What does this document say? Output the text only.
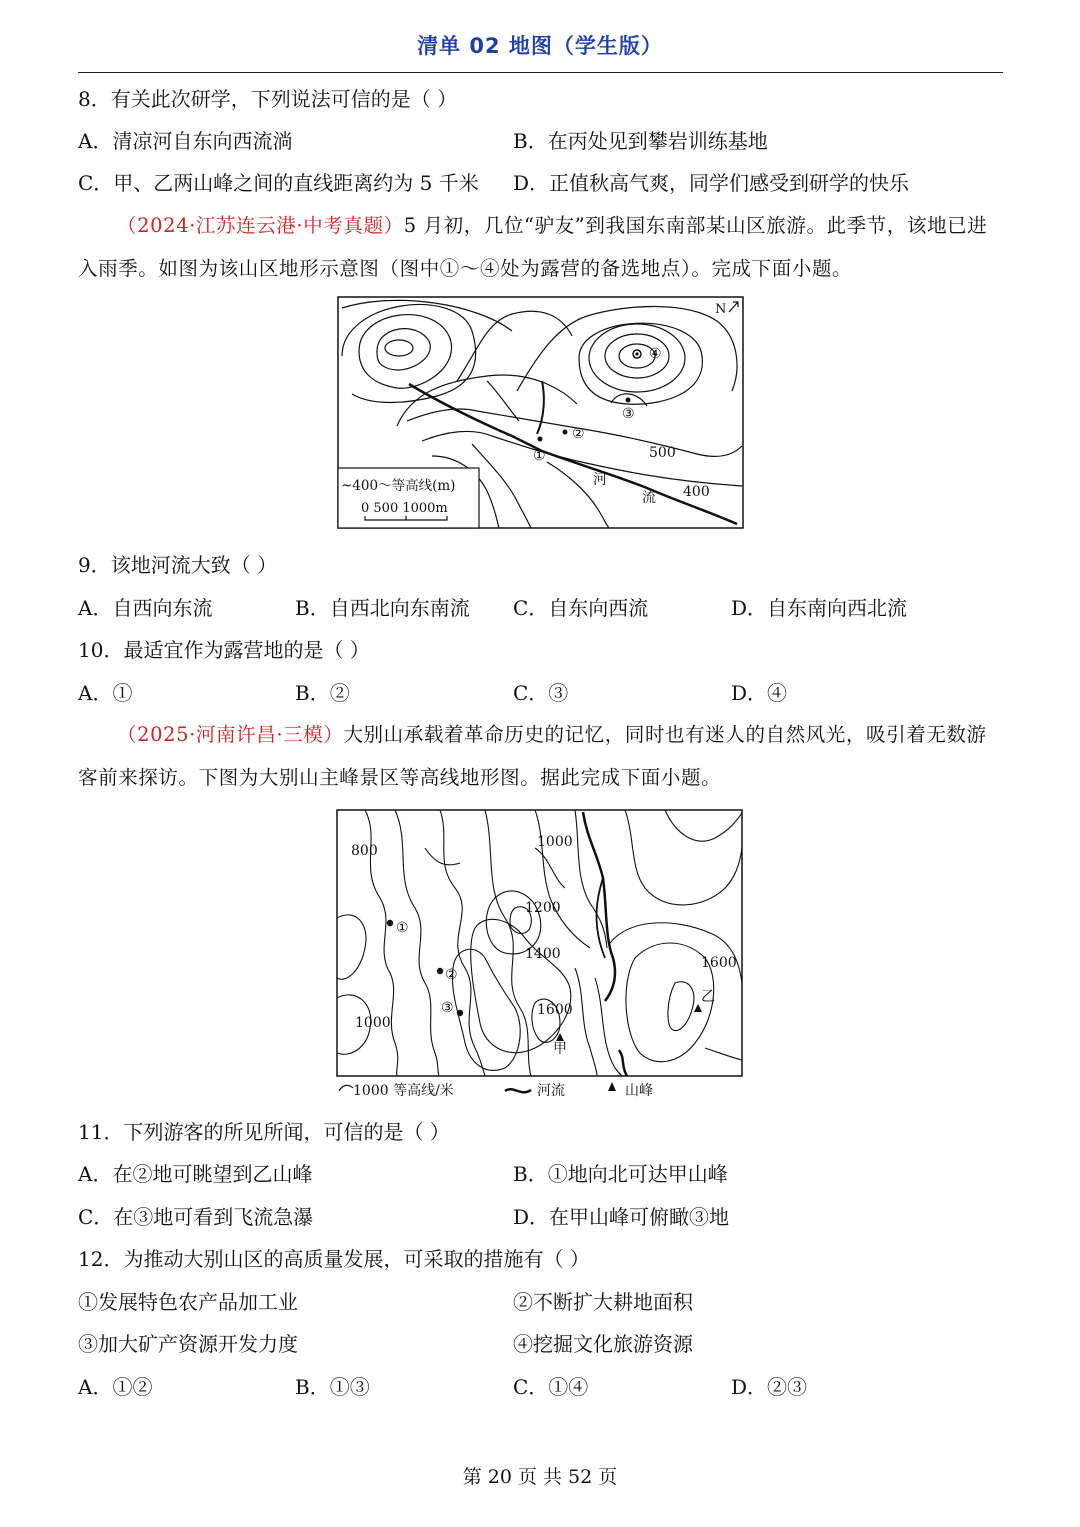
清单 02 地图（学生版）
8．有关此次研学，下列说法可信的是（ ）
A．清凉河自东向西流淌	B．在丙处见到攀岩训练基地
C．甲、乙两山峰之间的直线距离约为 5 千米 D．正值秋高气爽，同学们感受到研学的快乐
（2024·江苏连云港·中考真题）5 月初，几位“驴友”到我国东南部某山区旅游。此季节，该地已进入雨季。如图为该山区地形示意图（图中①～④处为露营的备选地点）。完成下面小题。
④
③
②
①	500
400
河
流
N
~400～等高线(m)
0 500 1000m
9．该地河流大致（ ）
A．自西向东流	B．自西北向东南流 C．自东向西流	D．自东南向西北流
10．最适宜作为露营地的是（ ）
A．①	B．②	C．③	D．④
（2025·河南许昌·三模）大别山承载着革命历史的记忆，同时也有迷人的自然风光，吸引着无数游客前来探访。下图为大别山主峰景区等高线地形图。据此完成下面小题。
800
1000
1200
1400
1600
1000
1600
①
②
③
甲
乙
1000 等高线/米	河流	山峰
11．下列游客的所见所闻，可信的是（ ）
A．在②地可眺望到乙山峰	B．①地向北可达甲山峰
C．在③地可看到飞流急瀑	D．在甲山峰可俯瞰③地
12．为推动大别山区的高质量发展，可采取的措施有（ ）
①发展特色农产品加工业	②不断扩大耕地面积
③加大矿产资源开发力度	④挖掘文化旅游资源
A．①②	B．①③	C．①④	D．②③
第 20 页 共 52 页
